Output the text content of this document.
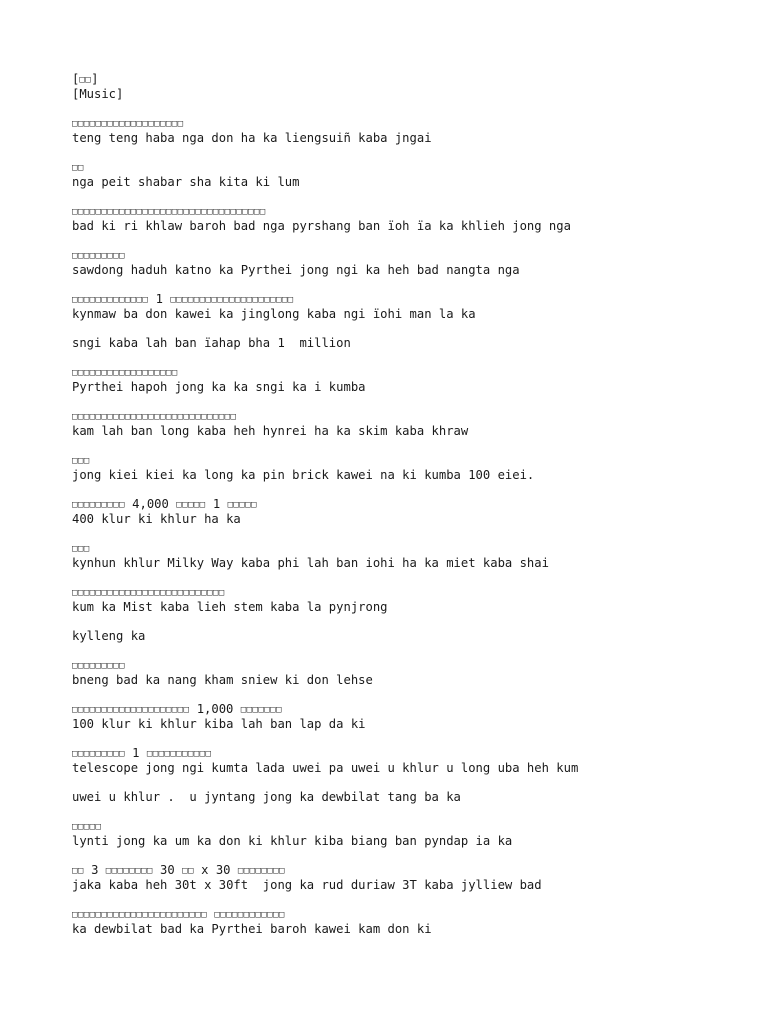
[□□]
[Music]
□□□□□□□□□□□□□□□□□□□
teng teng haba nga don ha ka liengsuiñ kaba jngai
□□
nga peit shabar sha kita ki lum
□□□□□□□□□□□□□□□□□□□□□□□□□□□□□□□□□
bad ki ri khlaw baroh bad nga pyrshang ban ïoh ïa ka khlieh jong nga
□□□□□□□□□
sawdong haduh katno ka Pyrthei jong ngi ka heh bad nangta nga
□□□□□□□□□□□□□ 1 □□□□□□□□□□□□□□□□□□□□□
kynmaw ba don kawei ka jinglong kaba ngi ïohi man la ka
sngi kaba lah ban ïahap bha 1  million
□□□□□□□□□□□□□□□□□□
Pyrthei hapoh jong ka ka sngi ka i kumba
□□□□□□□□□□□□□□□□□□□□□□□□□□□□
kam lah ban long kaba heh hynrei ha ka skim kaba khraw
□□□
jong kiei kiei ka long ka pin brick kawei na ki kumba 100 eiei.
□□□□□□□□□ 4,000 □□□□□ 1 □□□□□
400 klur ki khlur ha ka
□□□
kynhun khlur Milky Way kaba phi lah ban iohi ha ka miet kaba shai
□□□□□□□□□□□□□□□□□□□□□□□□□□
kum ka Mist kaba lieh stem kaba la pynjrong
kylleng ka
□□□□□□□□□
bneng bad ka nang kham sniew ki don lehse
□□□□□□□□□□□□□□□□□□□□ 1,000 □□□□□□□
100 klur ki khlur kiba lah ban lap da ki
□□□□□□□□□ 1 □□□□□□□□□□□
telescope jong ngi kumta lada uwei pa uwei u khlur u long uba heh kum
uwei u khlur .  u jyntang jong ka dewbilat tang ba ka
□□□□□
lynti jong ka um ka don ki khlur kiba biang ban pyndap ia ka
□□ 3 □□□□□□□□ 30 □□ x 30 □□□□□□□□
jaka kaba heh 30t x 30ft  jong ka rud duriaw 3T kaba jylliew bad
□□□□□□□□□□□□□□□□□□□□□□□ □□□□□□□□□□□□
ka dewbilat bad ka Pyrthei baroh kawei kam don ki
